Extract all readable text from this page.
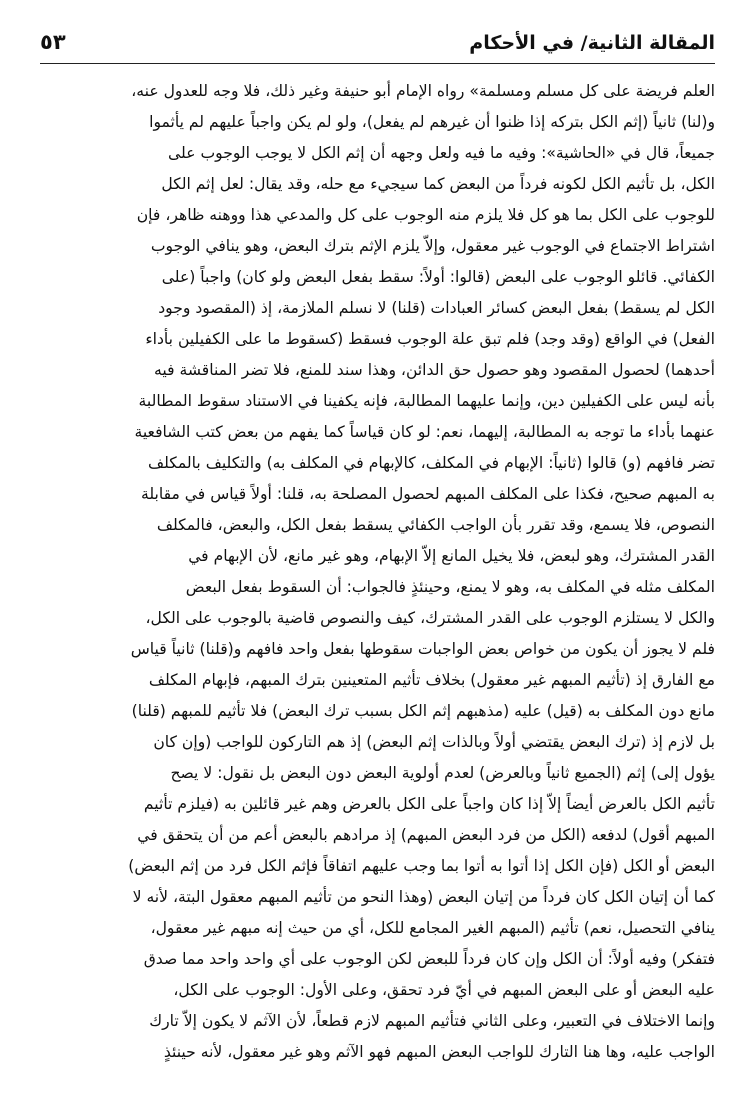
المقالة الثانية/ في الأحكام
٥٣
العلم فريضة على كل مسلم ومسلمة» رواه الإمام أبو حنيفة وغير ذلك، فلا وجه للعدول عنه،
و(لنا) ثانياً (إثم الكل بتركه إذا ظنوا أن غيرهم لم يفعل)، ولو لم يكن واجباً عليهم لم يأثموا
جميعاً، قال في «الحاشية»: وفيه ما فيه ولعل وجهه أن إثم الكل لا يوجب الوجوب على
الكل، بل تأثيم الكل لكونه فرداً من البعض كما سيجيء مع حله، وقد يقال: لعل إثم الكل
للوجوب على الكل بما هو كل فلا يلزم منه الوجوب على كل والمدعي هذا ووهنه ظاهر، فإن
اشتراط الاجتماع في الوجوب غير معقول، وإلاّ يلزم الإثم بترك البعض، وهو ينافي الوجوب
الكفائي. قائلو الوجوب على البعض (قالوا: أولاً: سقط بفعل البعض ولو كان) واجباً (على
الكل لم يسقط) بفعل البعض كسائر العبادات (قلنا) لا نسلم الملازمة، إذ (المقصود وجود
الفعل) في الواقع (وقد وجد) فلم تبق علة الوجوب فسقط (كسقوط ما على الكفيلين بأداء
أحدهما) لحصول المقصود وهو حصول حق الدائن، وهذا سند للمنع، فلا تضر المناقشة فيه
بأنه ليس على الكفيلين دين، وإنما عليهما المطالبة، فإنه يكفينا في الاستناد سقوط المطالبة
عنهما بأداء ما توجه به المطالبة، إليهما، نعم: لو كان قياساً كما يفهم من بعض كتب الشافعية
تضر فافهم (و) قالوا (ثانياً: الإبهام في المكلف، كالإبهام في المكلف به) والتكليف بالمكلف
به المبهم صحيح، فكذا على المكلف المبهم لحصول المصلحة به، قلنا: أولاً قياس في مقابلة
النصوص، فلا يسمع، وقد تقرر بأن الواجب الكفائي يسقط بفعل الكل، والبعض، فالمكلف
القدر المشترك، وهو لبعض، فلا يخيل المانع إلاّ الإبهام، وهو غير مانع، لأن الإبهام في
المكلف مثله في المكلف به، وهو لا يمنع، وحينئذٍ فالجواب: أن السقوط بفعل البعض
والكل لا يستلزم الوجوب على القدر المشترك، كيف والنصوص قاضية بالوجوب على الكل،
فلم لا يجوز أن يكون من خواص بعض الواجبات سقوطها بفعل واحد فافهم و(قلنا) ثانياً قياس
مع الفارق إذ (تأثيم المبهم غير معقول) بخلاف تأثيم المتعينين بترك المبهم، فإبهام المكلف
مانع دون المكلف به (قيل) عليه (مذهبهم إثم الكل بسبب ترك البعض) فلا تأثيم للمبهم (قلنا)
بل لازم إذ (ترك البعض يقتضي أولاً وبالذات إثم البعض) إذ هم التاركون للواجب (وإن كان
يؤول إلى) إثم (الجميع ثانياً وبالعرض) لعدم أولوية البعض دون البعض بل نقول: لا يصح
تأثيم الكل بالعرض أيضاً إلاّ إذا كان واجباً على الكل بالعرض وهم غير قائلين به (فيلزم تأثيم
المبهم أقول) لدفعه (الكل من فرد البعض المبهم) إذ مرادهم بالبعض أعم من أن يتحقق في
البعض أو الكل (فإن الكل إذا أتوا به أتوا بما وجب عليهم اتفاقاً فإثم الكل فرد من إثم البعض)
كما أن إتيان الكل كان فرداً من إتيان البعض (وهذا النحو من تأثيم المبهم معقول البتة، لأنه لا
ينافي التحصيل، نعم) تأثيم (المبهم الغير المجامع للكل، أي من حيث إنه مبهم غير معقول،
فتفكر) وفيه أولاً: أن الكل وإن كان فرداً للبعض لكن الوجوب على أي واحد واحد مما صدق
عليه البعض أو على البعض المبهم في أيّ فرد تحقق، وعلى الأول: الوجوب على الكل،
وإنما الاختلاف في التعبير، وعلى الثاني فتأثيم المبهم لازم قطعاً، لأن الآثم لا يكون إلاّ تارك
الواجب عليه، وها هنا التارك للواجب البعض المبهم فهو الآثم وهو غير معقول، لأنه حينئذٍ
